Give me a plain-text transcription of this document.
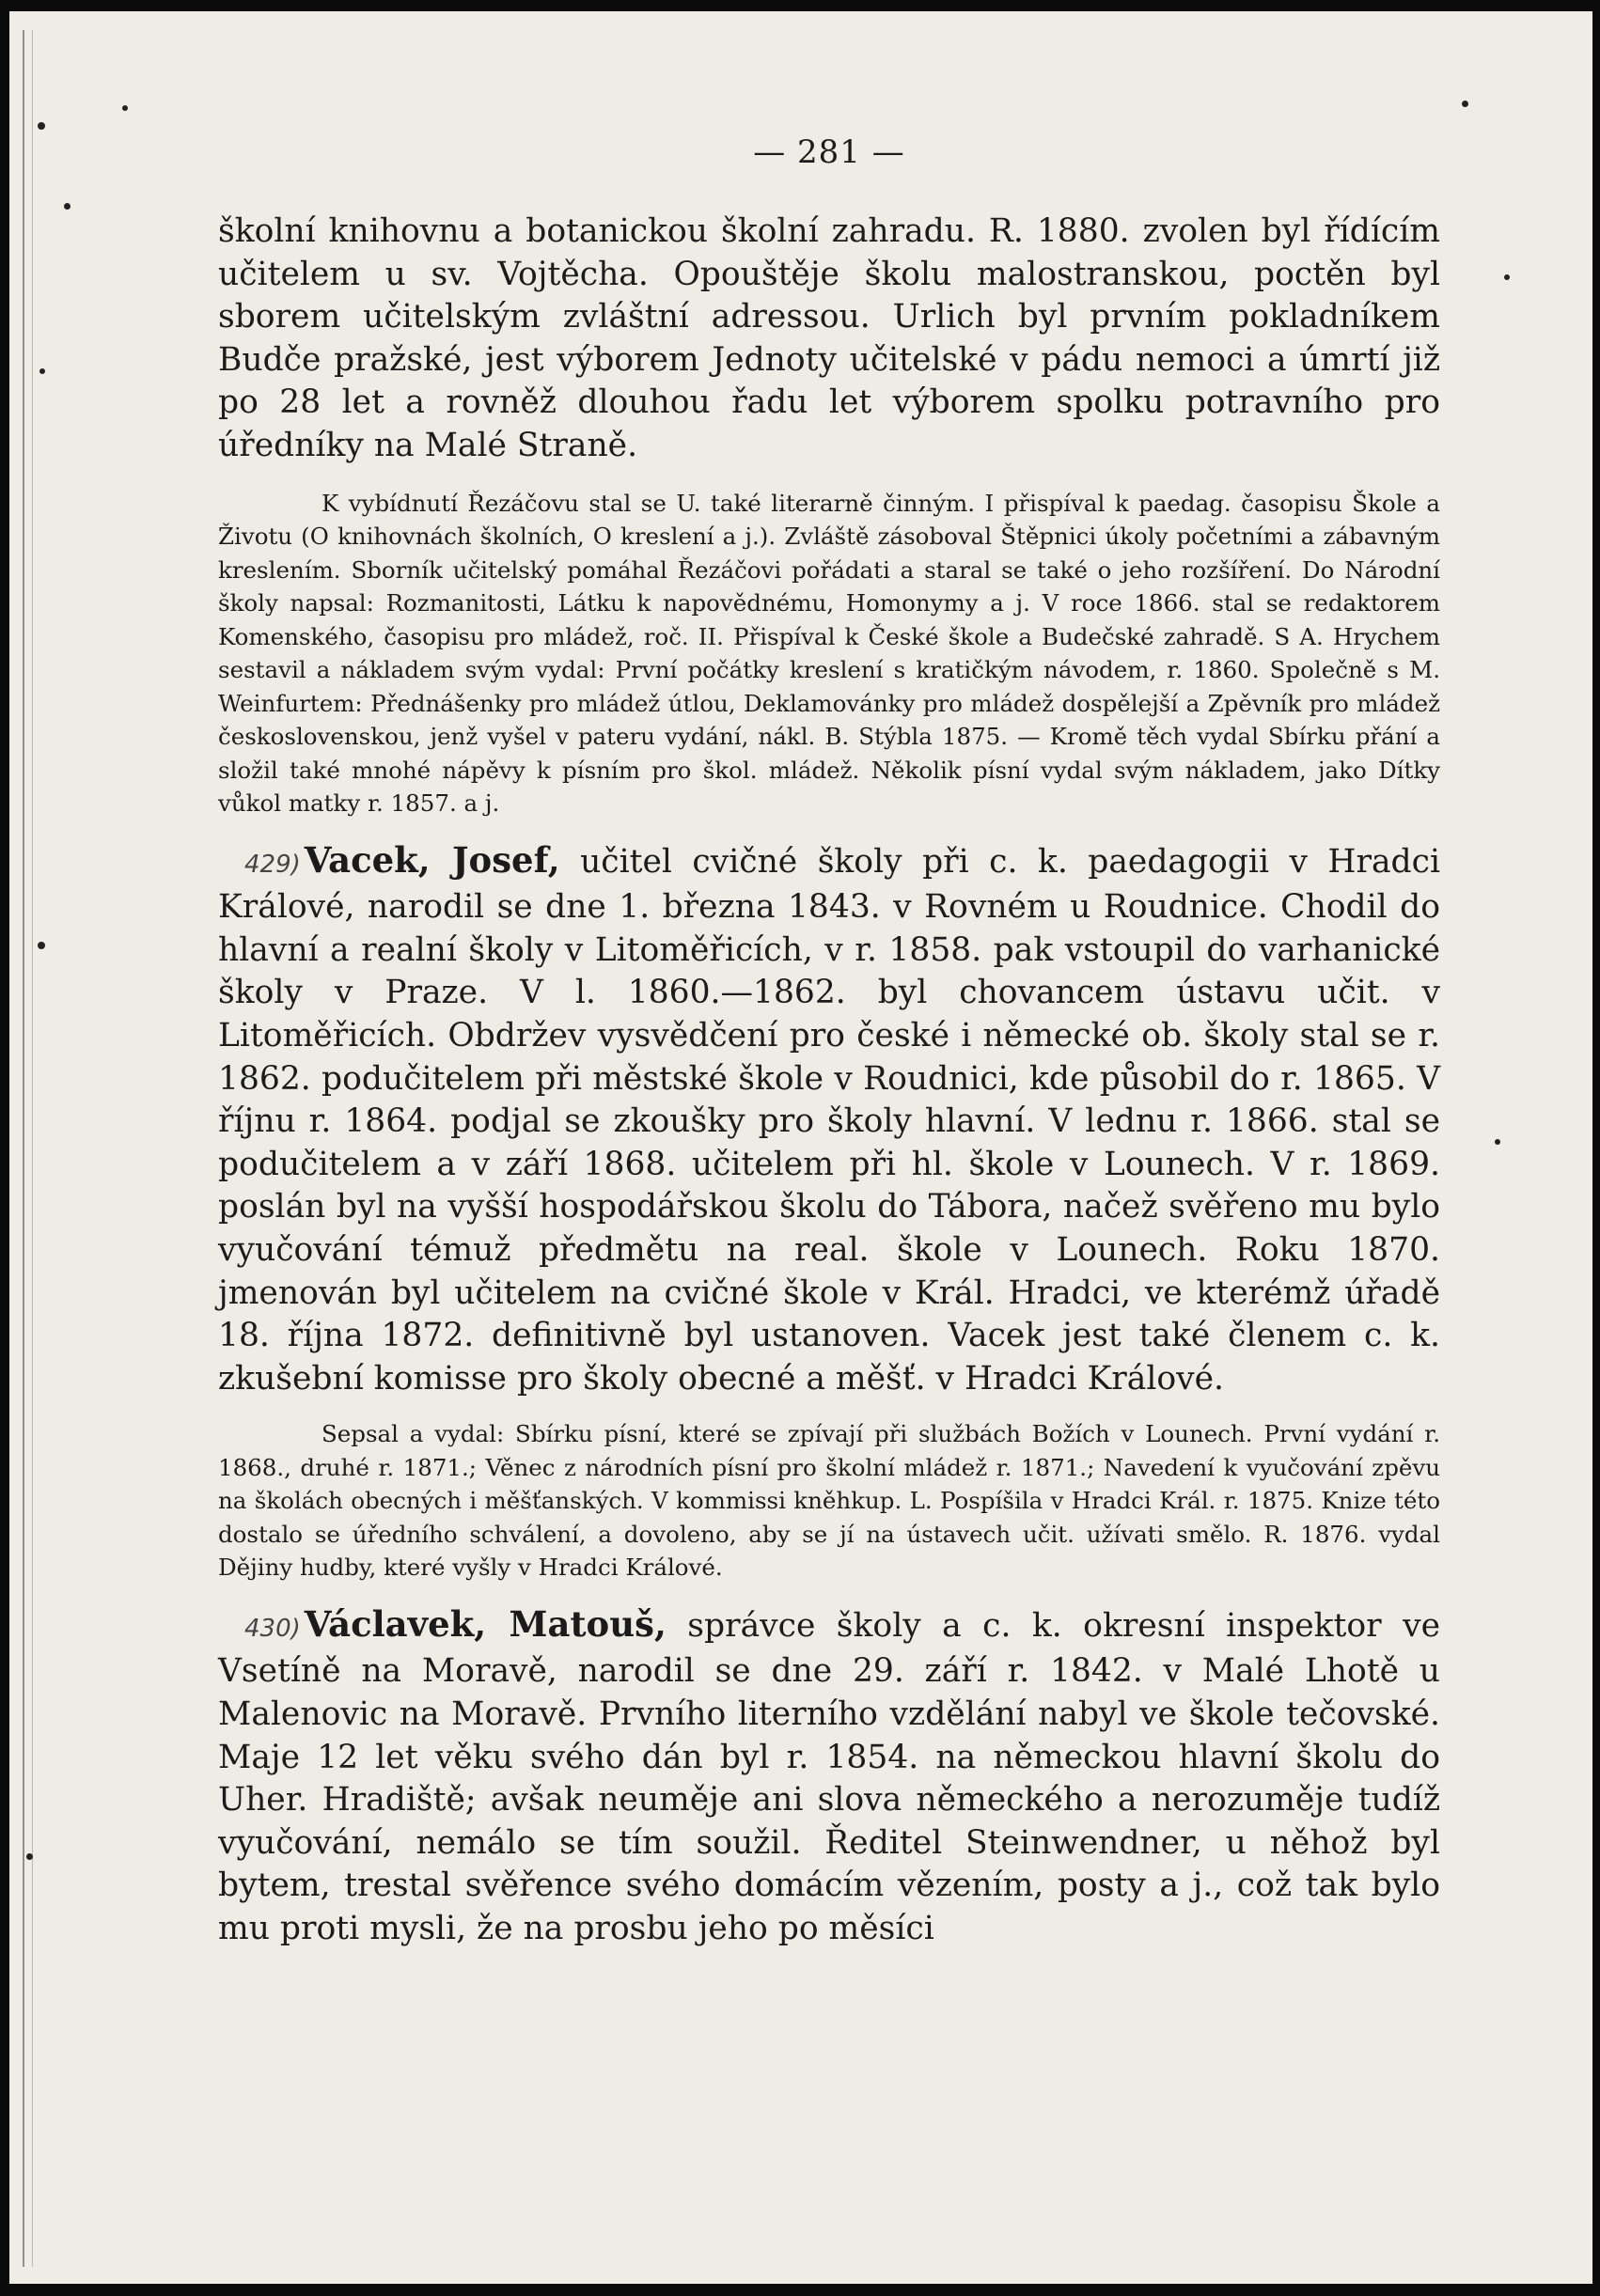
— 281 —

školní knihovnu a botanickou školní zahradu. R. 1880. zvolen byl řídícím učitelem u sv. Vojtěcha. Opouštěje školu malostranskou, poctěn byl sborem učitelským zvláštní adressou. Urlich byl prvním pokladníkem Budče pražské, jest výborem Jednoty učitelské v pádu nemoci a úmrtí již po 28 let a rovněž dlouhou řadu let výborem spolku potravního pro úředníky na Malé Straně.

K vybídnutí Řezáčovu stal se U. také literarně činným. I přispíval k paedag. časopisu Škole a Životu (O knihovnách školních, O kreslení a j.). Zvláště zásoboval Štěpnici úkoly početními a zábavným kreslením. Sborník učitelský pomáhal Řezáčovi pořádati a staral se také o jeho rozšíření. Do Národní školy napsal: Rozmanitosti, Látku k napovědnému, Homonymy a j. V roce 1866. stal se redaktorem Komenského, časopisu pro mládež, roč. II. Přispíval k České škole a Budečské zahradě. S A. Hrychem sestavil a nákladem svým vydal: První počátky kreslení s kratičkým návodem, r. 1860. Společně s M. Weinfurtem: Přednášenky pro mládež útlou, Deklamovánky pro mládež dospělejší a Zpěvník pro mládež československou, jenž vyšel v pateru vydání, nákl. B. Stýbla 1875. — Kromě těch vydal Sbírku přání a složil také mnohé nápěvy k písním pro škol. mládež. Několik písní vydal svým nákladem, jako Dítky vůkol matky r. 1857. a j.

429) Vacek, Josef, učitel cvičné školy při c. k. paedagogii v Hradci Králové, narodil se dne 1. března 1843. v Rovném u Roudnice. Chodil do hlavní a realní školy v Litoměřicích, v r. 1858. pak vstoupil do varhanické školy v Praze. V l. 1860.—1862. byl chovancem ústavu učit. v Litoměřicích. Obdržev vysvědčení pro české i německé ob. školy stal se r. 1862. podučitelem při městské škole v Roudnici, kde působil do r. 1865. V říjnu r. 1864. podjal se zkoušky pro školy hlavní. V lednu r. 1866. stal se podučitelem a v září 1868. učitelem při hl. škole v Lounech. V r. 1869. poslán byl na vyšší hospodářskou školu do Tábora, načež svěřeno mu bylo vyučování témuž předmětu na real. škole v Lounech. Roku 1870. jmenován byl učitelem na cvičné škole v Král. Hradci, ve kterémž úřadě 18. října 1872. definitivně byl ustanoven. Vacek jest také členem c. k. zkušební komisse pro školy obecné a měšť. v Hradci Králové.

Sepsal a vydal: Sbírku písní, které se zpívají při službách Božích v Lounech. První vydání r. 1868., druhé r. 1871.; Věnec z národních písní pro školní mládež r. 1871.; Navedení k vyučování zpěvu na školách obecných i měšťanských. V kommissi kněhkup. L. Pospíšila v Hradci Král. r. 1875. Knize této dostalo se úředního schválení, a dovoleno, aby se jí na ústavech učit. užívati smělo. R. 1876. vydal Dějiny hudby, které vyšly v Hradci Králové.

430) Václavek, Matouš, správce školy a c. k. okresní inspektor ve Vsetíně na Moravě, narodil se dne 29. září r. 1842. v Malé Lhotě u Malenovic na Moravě. Prvního literního vzdělání nabyl ve škole tečovské. Maje 12 let věku svého dán byl r. 1854. na německou hlavní školu do Uher. Hradiště; avšak neuměje ani slova německého a nerozuměje tudíž vyučování, nemálo se tím soužil. Ředitel Steinwendner, u něhož byl bytem, trestal svěřence svého domácím vězením, posty a j., což tak bylo mu proti mysli, že na prosbu jeho po měsíci
